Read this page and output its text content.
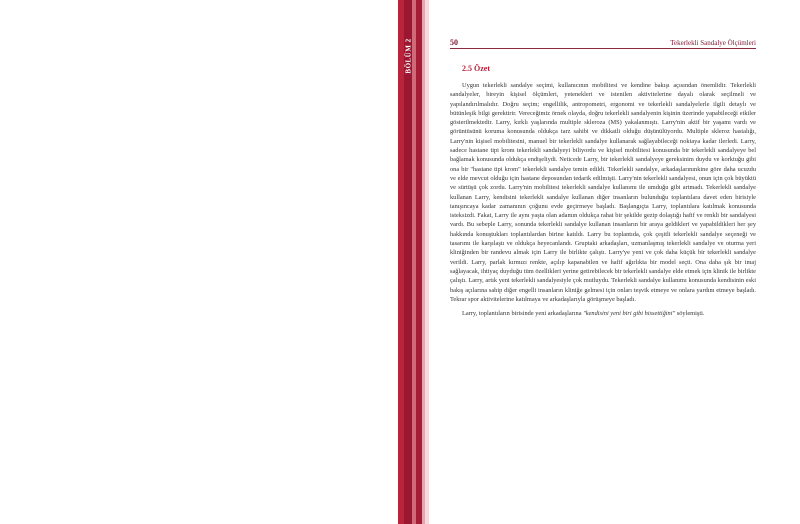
BÖLÜM 2	50	Tekerlekli Sandalye Ölçümleri
2.5 Özet

Uygun tekerlekli sandalye seçimi, kullanıcının mobilitesi ve kendine bakışı açısından önemlidir. Tekerlekli sandalyeler, bireyin kişisel ölçümleri, yetenekleri ve istenilen aktivitelerine dayalı olarak seçilmeli ve yapılandırılmalıdır. Doğru seçim; engellilik, antropometri, ergonomi ve tekerlekli sandalyelerle ilgili detaylı ve bütünleşik bilgi gerektirir. Vereceğimiz örnek olayda, doğru tekerlekli sandalyenin kişinin üzerinde yapabileceği etkiler gösterilmektedir. Larry, kırklı yaşlarında multiple skleroza (MS) yakalanmıştı. Larry'nin aktif bir yaşamı vardı ve görüntüsünü koruma konusunda oldukça tarz sahibi ve dikkatli olduğu düşünülüyordu. Multiple skleroz hastalığı, Larry'nin kişisel mobilitesini, manuel bir tekerlekli sandalye kullanarak sağlayabileceği noktaya kadar ilerledi. Larry, sadece hastane tipi krom tekerlekli sandalyeyi biliyordu ve kişisel mobilitesi konusunda bir tekerlekli sandalyeye bel bağlamak konusunda oldukça endişeliydi. Neticede Larry, bir tekerlekli sandalyeye gereksinim duydu ve korktuğu gibi ona bir "hastane tipi krom" tekerlekli sandalye temin edildi. Tekerlekli sandalye, arkadaşlarınınkine göre daha ucuzdu ve elde mevcut olduğu için hastane deposundan tedarik edilmişti. Larry'nin tekerlekli sandalyesi, onun için çok büyüktü ve sürtüşü çok zordu. Larry'nin mobilitesi tekerlekli sandalye kullanımı ile umduğu gibi artmadı. Tekerlekli sandalye kullanan Larry, kendisini tekerlekli sandalye kullanan diğer insanların bulunduğu toplantılara davet eden birisiyle tanışıncaya kadar zamanının çoğunu evde geçirmeye başladı. Başlangıçta Larry, toplantılara katılmak konusunda isteksizdi. Fakat, Larry ile aynı yaşta olan adamın oldukça rahat bir şekilde gezip dolaştığı hafif ve renkli bir sandalyesi vardı. Bu sebeple Larry, sonunda tekerlekli sandalye kullanan insanların bir araya geldikleri ve yapabildikleri her şey hakkında konuştukları toplantılardan birine katıldı. Larry bu toplantıda, çok çeşitli tekerlekli sandalye seçeneği ve tasarımı ile karşılaştı ve oldukça heyecanlandı. Gruptaki arkadaşları, uzmanlaşmış tekerlekli sandalye ve oturma yeri kliniğinden bir randevu almak için Larry ile birlikte çalıştı. Larry'ye yeni ve çok daha küçük bir tekerlekli sandalye verildi. Larry, parlak kırmızı renkte, açılıp kapanabilen ve hafif ağırlıkta bir model seçti. Ona daha şık bir imaj sağlayacak, ihtiyaç duyduğu tüm özellikleri yerine getirebilecek bir tekerlekli sandalye elde etmek için klinik ile birlikte çalıştı. Larry, artık yeni tekerlekli sandalyesiyle çok mutluydu. Tekerlekli sandalye kullanımı konusunda kendisinin eski bakış açılarına sahip diğer engelli insanların kliniğe gelmesi için onları teşvik etmeye ve onlara yardım etmeye başladı. Tekrar spor aktivitelerine katılmaya ve arkadaşlarıyla görüşmeye başladı.

Larry, toplantıların birisinde yeni arkadaşlarına "kendisini yeni biri gibi hissettiğini" söylemişti.
